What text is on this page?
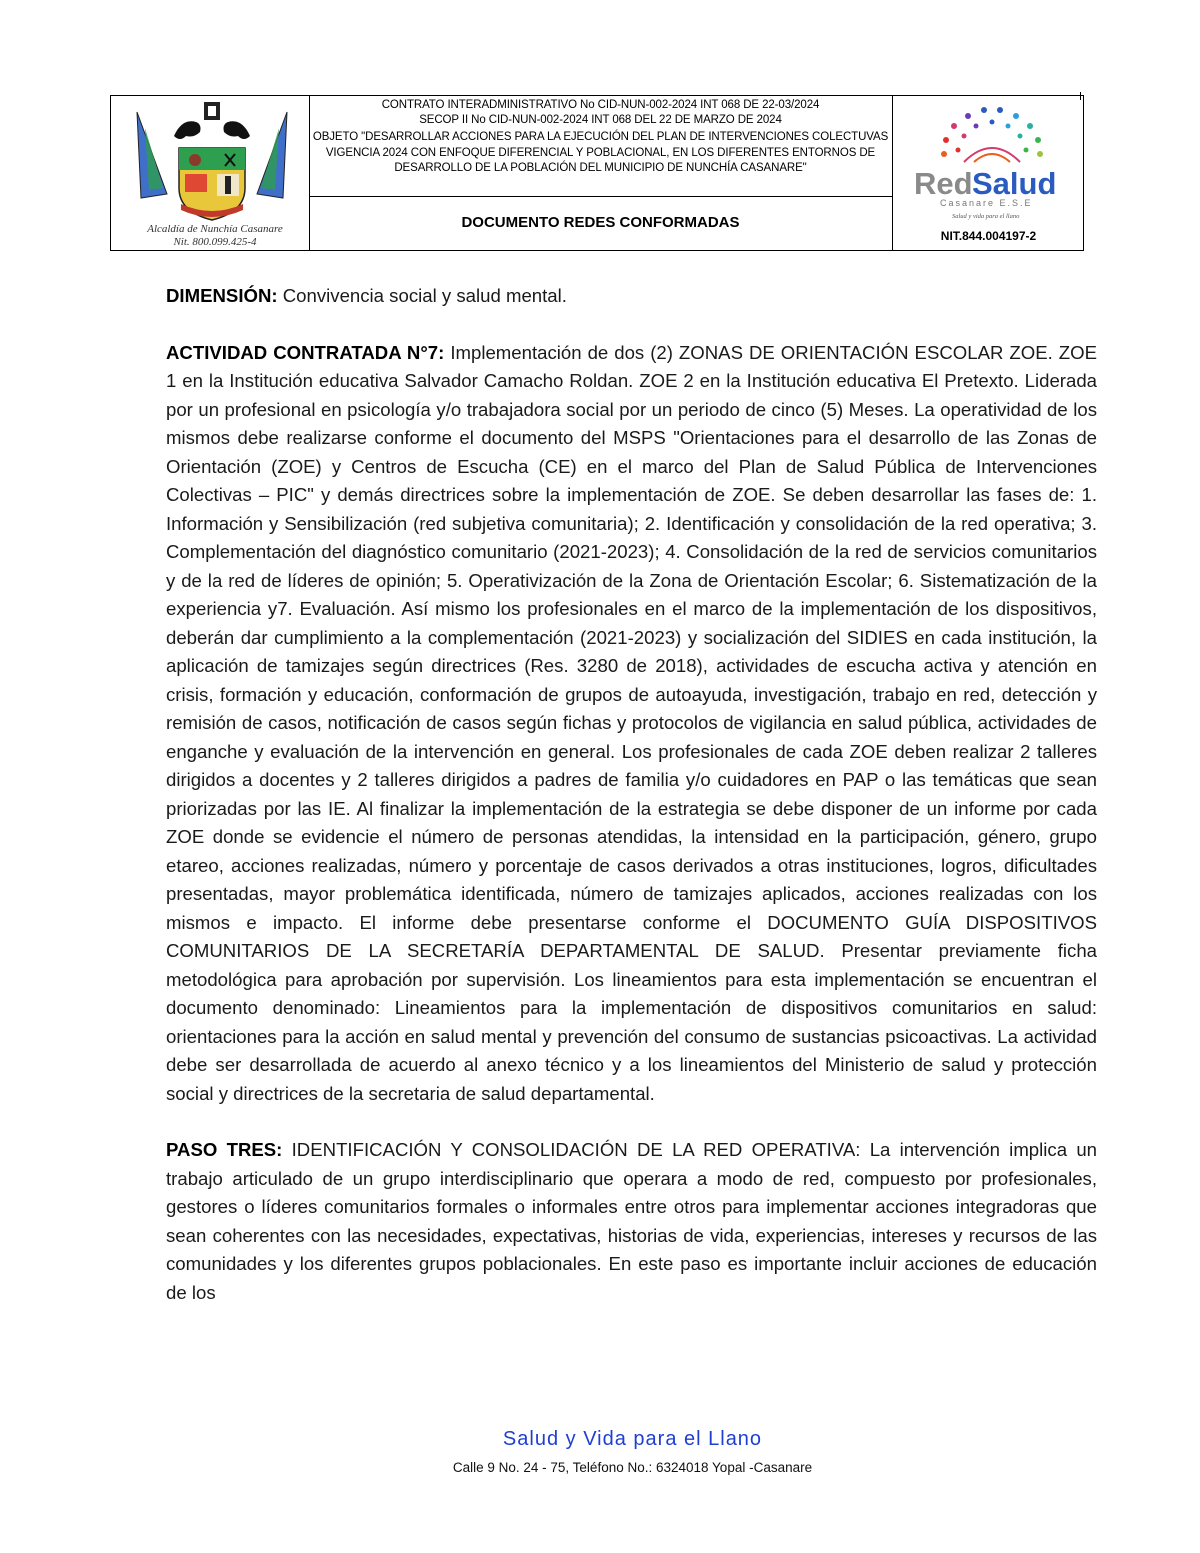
Alcaldía de Nunchía Casanare
Nit. 800.099.425-4
CONTRATO INTERADMINISTRATIVO No CID-NUN-002-2024 INT 068 DE 22-03/2024
SECOP II No CID-NUN-002-2024 INT 068 DEL 22 DE MARZO DE 2024
OBJETO "DESARROLLAR ACCIONES PARA LA EJECUCIÓN DEL PLAN DE INTERVENCIONES COLECTUVAS VIGENCIA 2024 CON ENFOQUE DIFERENCIAL Y POBLACIONAL, EN LOS DIFERENTES ENTORNOS DE DESARROLLO DE LA POBLACIÓN DEL MUNICIPIO DE NUNCHÍA CASANARE"
DOCUMENTO REDES CONFORMADAS
Red Salud
Casanare E.S.E
Salud y vida para el llano
NIT.844.004197-2

DIMENSIÓN: Convivencia social y salud mental.

ACTIVIDAD CONTRATADA N°7: Implementación de dos (2) ZONAS DE ORIENTACIÓN ESCOLAR ZOE. ZOE 1 en la Institución educativa Salvador Camacho Roldan. ZOE 2 en la Institución educativa El Pretexto. Liderada por un profesional en psicología y/o trabajadora social por un periodo de cinco (5) Meses. La operatividad de los mismos debe realizarse conforme el documento del MSPS "Orientaciones para el desarrollo de las Zonas de Orientación (ZOE) y Centros de Escucha (CE) en el marco del Plan de Salud Pública de Intervenciones Colectivas – PIC" y demás directrices sobre la implementación de ZOE. Se deben desarrollar las fases de: 1. Información y Sensibilización (red subjetiva comunitaria); 2. Identificación y consolidación de la red operativa; 3. Complementación del diagnóstico comunitario (2021-2023); 4. Consolidación de la red de servicios comunitarios y de la red de líderes de opinión; 5. Operativización de la Zona de Orientación Escolar; 6. Sistematización de la experiencia y7. Evaluación. Así mismo los profesionales en el marco de la implementación de los dispositivos, deberán dar cumplimiento a la complementación (2021-2023) y socialización del SIDIES en cada institución, la aplicación de tamizajes según directrices (Res. 3280 de 2018), actividades de escucha activa y atención en crisis, formación y educación, conformación de grupos de autoayuda, investigación, trabajo en red, detección y remisión de casos, notificación de casos según fichas y protocolos de vigilancia en salud pública, actividades de enganche y evaluación de la intervención en general. Los profesionales de cada ZOE deben realizar 2 talleres dirigidos a docentes y 2 talleres dirigidos a padres de familia y/o cuidadores en PAP o las temáticas que sean priorizadas por las IE. Al finalizar la implementación de la estrategia se debe disponer de un informe por cada ZOE donde se evidencie el número de personas atendidas, la intensidad en la participación, género, grupo etareo, acciones realizadas, número y porcentaje de casos derivados a otras instituciones, logros, dificultades presentadas, mayor problemática identificada, número de tamizajes aplicados, acciones realizadas con los mismos e impacto. El informe debe presentarse conforme el DOCUMENTO GUÍA DISPOSITIVOS COMUNITARIOS DE LA SECRETARÍA DEPARTAMENTAL DE SALUD. Presentar previamente ficha metodológica para aprobación por supervisión. Los lineamientos para esta implementación se encuentran el documento denominado: Lineamientos para la implementación de dispositivos comunitarios en salud: orientaciones para la acción en salud mental y prevención del consumo de sustancias psicoactivas. La actividad debe ser desarrollada de acuerdo al anexo técnico y a los lineamientos del Ministerio de salud y protección social y directrices de la secretaria de salud departamental.

PASO TRES: IDENTIFICACIÓN Y CONSOLIDACIÓN DE LA RED OPERATIVA: La intervención implica un trabajo articulado de un grupo interdisciplinario que operara a modo de red, compuesto por profesionales, gestores o líderes comunitarios formales o informales entre otros para implementar acciones integradoras que sean coherentes con las necesidades, expectativas, historias de vida, experiencias, intereses y recursos de las comunidades y los diferentes grupos poblacionales. En este paso es importante incluir acciones de educación de los

Salud y Vida para el Llano
Calle 9 No. 24 - 75, Teléfono No.: 6324018 Yopal -Casanare
